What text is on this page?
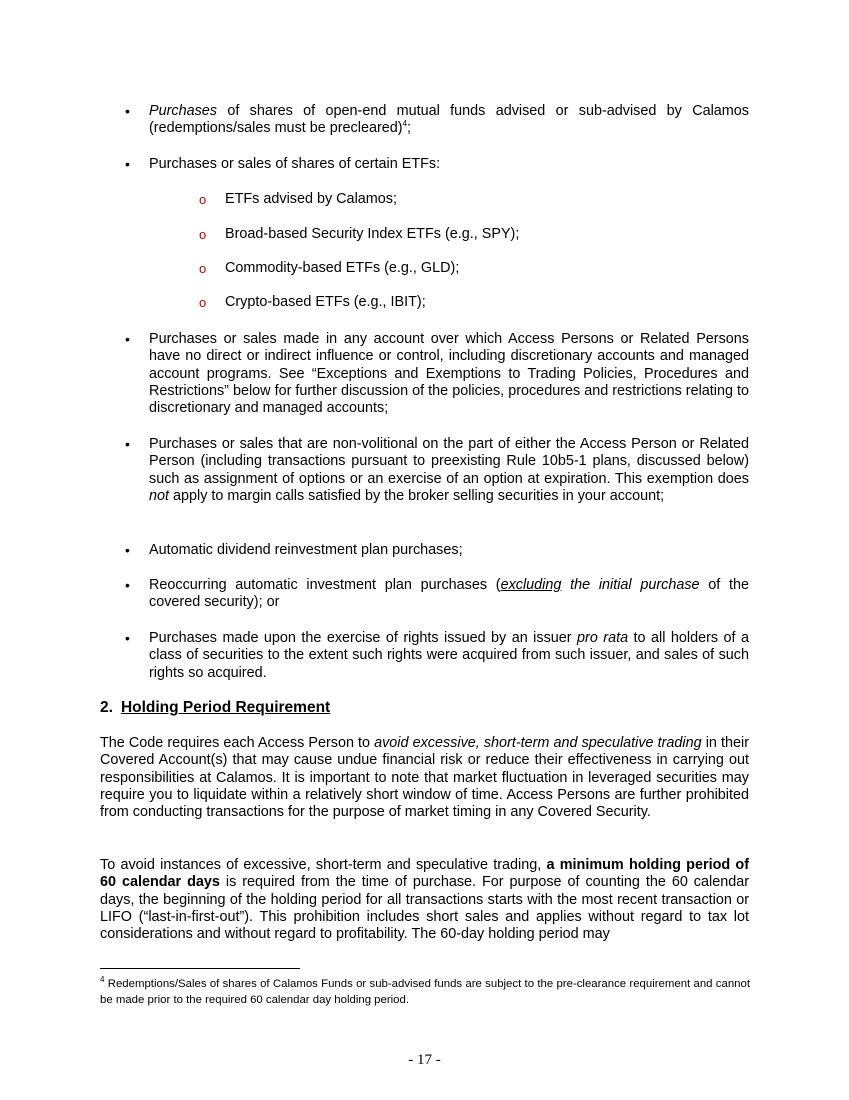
• Purchases of shares of open-end mutual funds advised or sub-advised by Calamos (redemptions/sales must be precleared)$^4$;
• Purchases or sales of shares of certain ETFs:
o ETFs advised by Calamos;
o Broad-based Security Index ETFs (e.g., SPY);
o Commodity-based ETFs (e.g., GLD);
o Crypto-based ETFs (e.g., IBIT);
• Purchases or sales made in any account over which Access Persons or Related Persons have no direct or indirect influence or control, including discretionary accounts and managed account programs. See “Exceptions and Exemptions to Trading Policies, Procedures and Restrictions” below for further discussion of the policies, procedures and restrictions relating to discretionary and managed accounts;
• Purchases or sales that are non-volitional on the part of either the Access Person or Related Person (including transactions pursuant to preexisting Rule 10b5-1 plans, discussed below) such as assignment of options or an exercise of an option at expiration. This exemption does not apply to margin calls satisfied by the broker selling securities in your account;
• Automatic dividend reinvestment plan purchases;
• Reoccurring automatic investment plan purchases (excluding the initial purchase of the covered security); or
• Purchases made upon the exercise of rights issued by an issuer pro rata to all holders of a class of securities to the extent such rights were acquired from such issuer, and sales of such rights so acquired.
2. Holding Period Requirement
The Code requires each Access Person to avoid excessive, short-term and speculative trading in their Covered Account(s) that may cause undue financial risk or reduce their effectiveness in carrying out responsibilities at Calamos. It is important to note that market fluctuation in leveraged securities may require you to liquidate within a relatively short window of time. Access Persons are further prohibited from conducting transactions for the purpose of market timing in any Covered Security.
To avoid instances of excessive, short-term and speculative trading, a minimum holding period of 60 calendar days is required from the time of purchase. For purpose of counting the 60 calendar days, the beginning of the holding period for all transactions starts with the most recent transaction or LIFO (“last-in-first-out”). This prohibition includes short sales and applies without regard to tax lot considerations and without regard to profitability. The 60-day holding period may
$^4$ Redemptions/Sales of shares of Calamos Funds or sub-advised funds are subject to the pre-clearance requirement and cannot be made prior to the required 60 calendar day holding period.
- 17 -
